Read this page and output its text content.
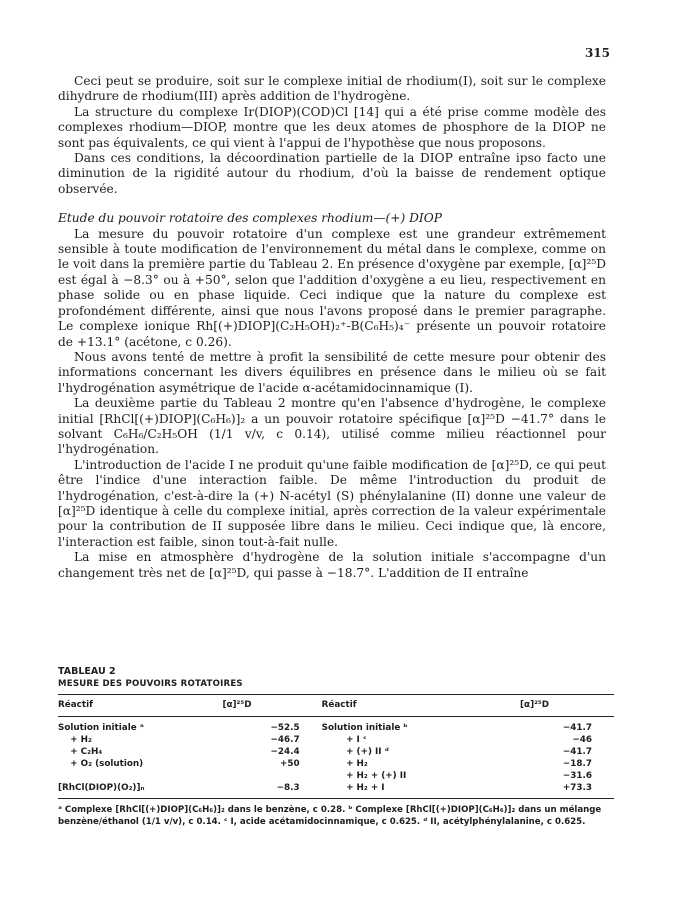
315

Ceci peut se produire, soit sur le complexe initial de rhodium(I), soit sur le complexe dihydrure de rhodium(III) après addition de l'hydrogène.

La structure du complexe Ir(DIOP)(COD)Cl [14] qui a été prise comme modèle des complexes rhodium—DIOP, montre que les deux atomes de phosphore de la DIOP ne sont pas équivalents, ce qui vient à l'appui de l'hypothèse que nous proposons.

Dans ces conditions, la décoordination partielle de la DIOP entraîne ipso facto une diminution de la rigidité autour du rhodium, d'où la baisse de rendement optique observée.

Etude du pouvoir rotatoire des complexes rhodium—(+) DIOP

La mesure du pouvoir rotatoire d'un complexe est une grandeur extrêmement sensible à toute modification de l'environnement du métal dans le complexe, comme on le voit dans la première partie du Tableau 2. En présence d'oxygène par exemple, [α]²⁵D est égal à −8.3° ou à +50°, selon que l'addition d'oxygène a eu lieu, respectivement en phase solide ou en phase liquide. Ceci indique que la nature du complexe est profondément différente, ainsi que nous l'avons proposé dans le premier paragraphe. Le complexe ionique Rh[(+)DIOP](C₂H₅OH)₂⁺-B(C₆H₅)₄⁻ présente un pouvoir rotatoire de +13.1° (acétone, c 0.26).

Nous avons tenté de mettre à profit la sensibilité de cette mesure pour obtenir des informations concernant les divers équilibres en présence dans le milieu où se fait l'hydrogénation asymétrique de l'acide α-acétamidocinnamique (I).

La deuxième partie du Tableau 2 montre qu'en l'absence d'hydrogène, le complexe initial [RhCl[(+)DIOP](C₆H₆)]₂ a un pouvoir rotatoire spécifique [α]²⁵D −41.7° dans le solvant C₆H₆/C₂H₅OH (1/1 v/v, c 0.14), utilisé comme milieu réactionnel pour l'hydrogénation.

L'introduction de l'acide I ne produit qu'une faible modification de [α]²⁵D, ce qui peut être l'indice d'une interaction faible. De même l'introduction du produit de l'hydrogénation, c'est-à-dire la (+) N-acétyl (S) phénylalanine (II) donne une valeur de [α]²⁵D identique à celle du complexe initial, après correction de la valeur expérimentale pour la contribution de II supposée libre dans le milieu. Ceci indique que, là encore, l'interaction est faible, sinon tout-à-fait nulle.

La mise en atmosphère d'hydrogène de la solution initiale s'accompagne d'un changement très net de [α]²⁵D, qui passe à −18.7°. L'addition de II entraîne

TABLEAU 2
MESURE DES POUVOIRS ROTATOIRES
Réactif	[α]²⁵D	Réactif	[α]²⁵D
Solution initiale ᵃ	−52.5	Solution initiale ᵇ	−41.7
+ H₂	−46.7	+ I ᶜ	−46
+ C₂H₄	−24.4	+ (+) II ᵈ	−41.7
+ O₂ (solution)	+50	+ H₂	−18.7
		+ H₂ + (+) II	−31.6
[RhCl(DIOP)(O₂)]ₙ	−8.3	+ H₂ + I	+73.3
ᵃ Complexe [RhCl[(+)DIOP](C₆H₆)]₂ dans le benzène, c 0.28. ᵇ Complexe [RhCl[(+)DIOP](C₆H₆)]₂ dans un mélange benzène/éthanol (1/1 v/v), c 0.14. ᶜ I, acide acétamidocinnamique, c 0.625. ᵈ II, acétylphénylalanine, c 0.625.
